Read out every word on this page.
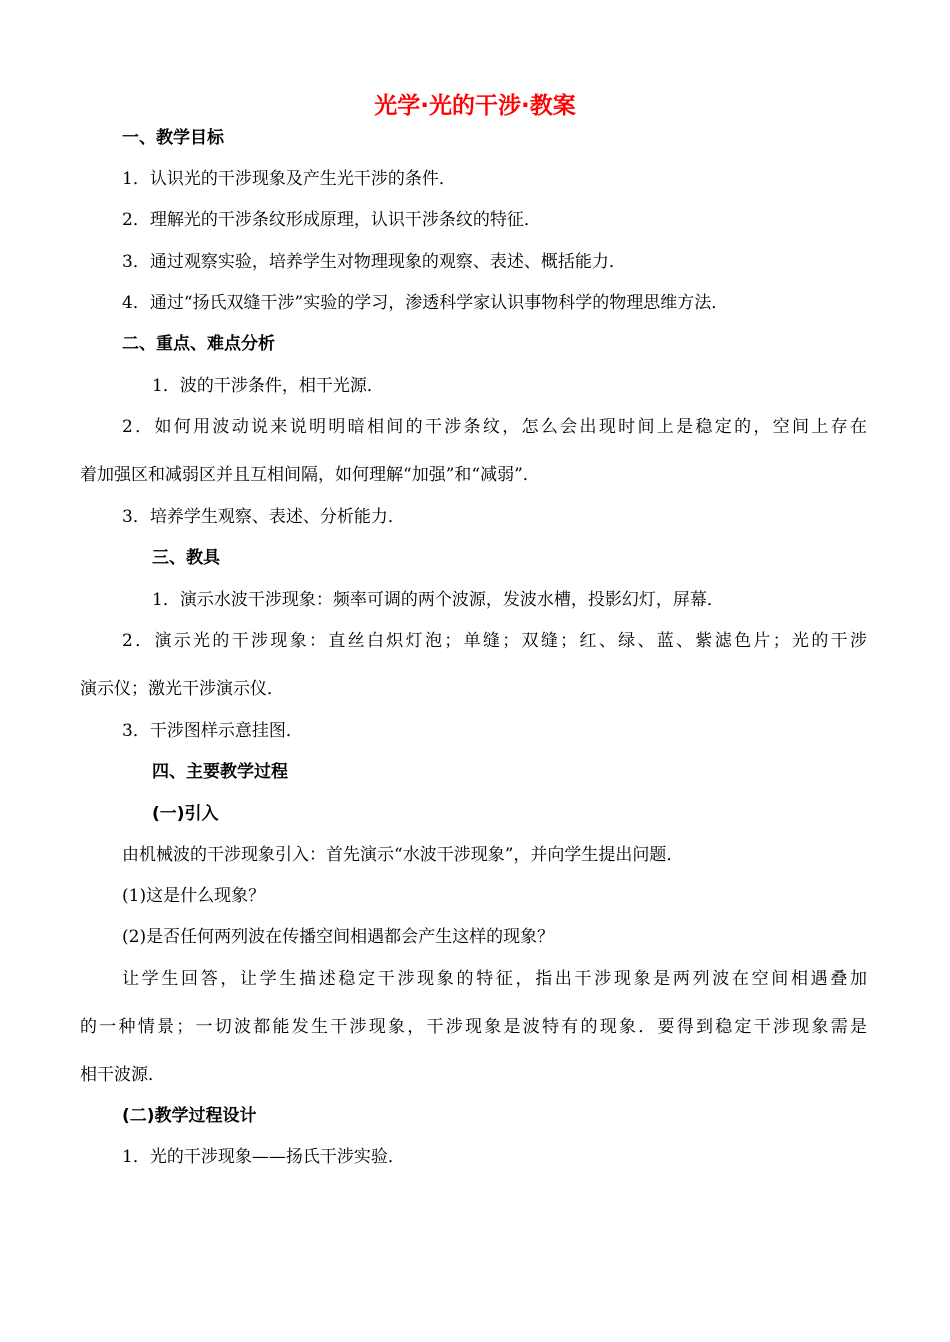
光学·光的干涉·教案
一、教学目标
1．认识光的干涉现象及产生光干涉的条件．
2．理解光的干涉条纹形成原理，认识干涉条纹的特征．
3．通过观察实验，培养学生对物理现象的观察、表述、概括能力．
4．通过“扬氏双缝干涉”实验的学习，渗透科学家认识事物科学的物理思维方法．
二、重点、难点分析
1．波的干涉条件，相干光源．
2．如何用波动说来说明明暗相间的干涉条纹，怎么会出现时间上是稳定的，空间上存在
着加强区和减弱区并且互相间隔，如何理解“加强”和“减弱”．
3．培养学生观察、表述、分析能力．
三、教具
1．演示水波干涉现象：频率可调的两个波源，发波水槽，投影幻灯，屏幕．
2．演示光的干涉现象：直丝白炽灯泡；单缝；双缝；红、绿、蓝、紫滤色片；光的干涉
演示仪；激光干涉演示仪．
3．干涉图样示意挂图．
四、主要教学过程
(一)引入
由机械波的干涉现象引入：首先演示“水波干涉现象”，并向学生提出问题．
(1)这是什么现象？
(2)是否任何两列波在传播空间相遇都会产生这样的现象？
让学生回答，让学生描述稳定干涉现象的特征，指出干涉现象是两列波在空间相遇叠加
的一种情景；一切波都能发生干涉现象，干涉现象是波特有的现象．要得到稳定干涉现象需是
相干波源．
(二)教学过程设计
1．光的干涉现象——扬氏干涉实验．
